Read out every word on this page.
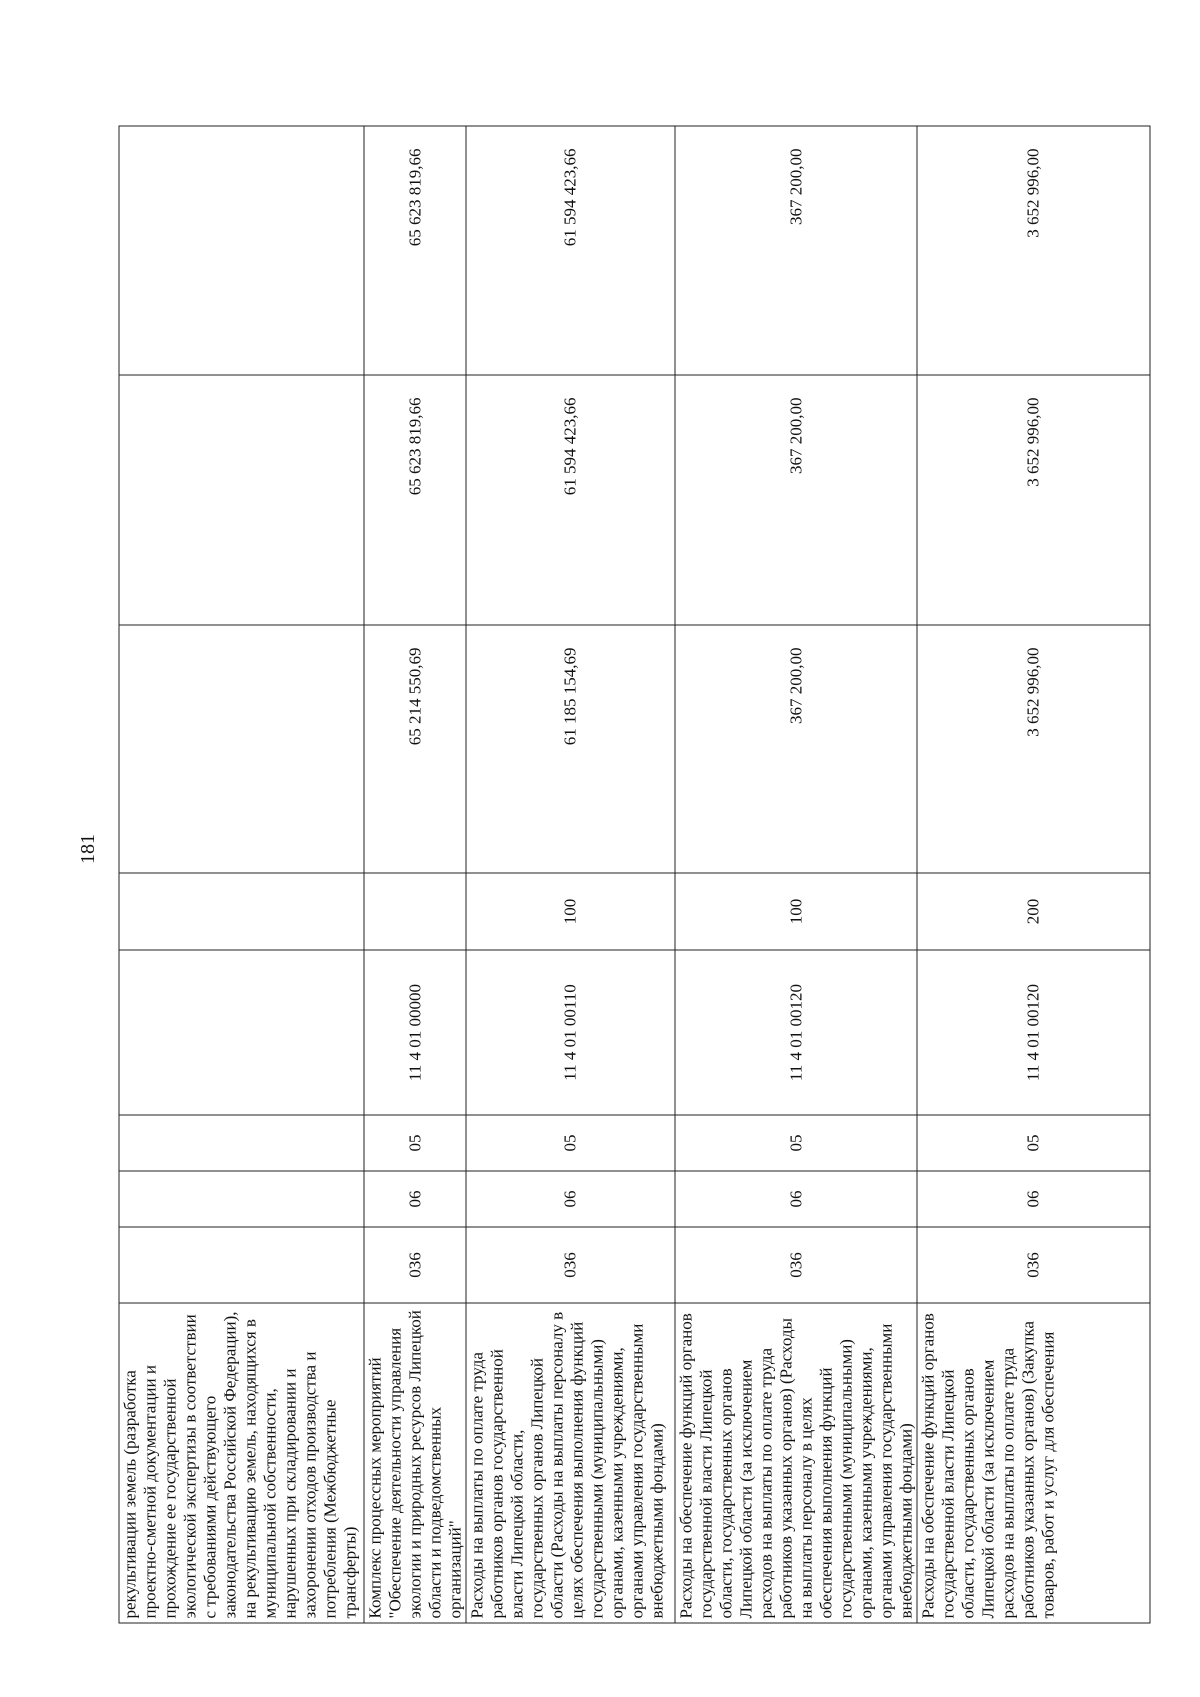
181
рекультивации земель (разработка проектно-сметной документации и прохождение ее государственной экологической экспертизы в соответствии с требованиями действующего законодательства Российской Федерации), на рекультивацию земель, находящихся в муниципальной собственности, нарушенных при складировании и захоронении отходов производства и потребления (Межбюджетные трансферты)								
Комплекс процессных мероприятий "Обеспечение деятельности управления экологии и природных ресурсов Липецкой области и подведомственных организаций"	036	06	05	11 4 01 00000		65 214 550,69	65 623 819,66	65 623 819,66
Расходы на выплаты по оплате труда работников органов государственной власти Липецкой области, государственных органов Липецкой области (Расходы на выплаты персоналу в целях обеспечения выполнения функций государственными (муниципальными) органами, казенными учреждениями, органами управления государственными внебюджетными фондами)	036	06	05	11 4 01 00110	100	61 185 154,69	61 594 423,66	61 594 423,66
Расходы на обеспечение функций органов государственной власти Липецкой области, государственных органов Липецкой области (за исключением расходов на выплаты по оплате труда работников указанных органов) (Расходы на выплаты персоналу в целях обеспечения выполнения функций государственными (муниципальными) органами, казенными учреждениями, органами управления государственными внебюджетными фондами)	036	06	05	11 4 01 00120	100	367 200,00	367 200,00	367 200,00
Расходы на обеспечение функций органов государственной власти Липецкой области, государственных органов Липецкой области (за исключением расходов на выплаты по оплате труда работников указанных органов) (Закупка товаров, работ и услуг для обеспечения	036	06	05	11 4 01 00120	200	3 652 996,00	3 652 996,00	3 652 996,00
